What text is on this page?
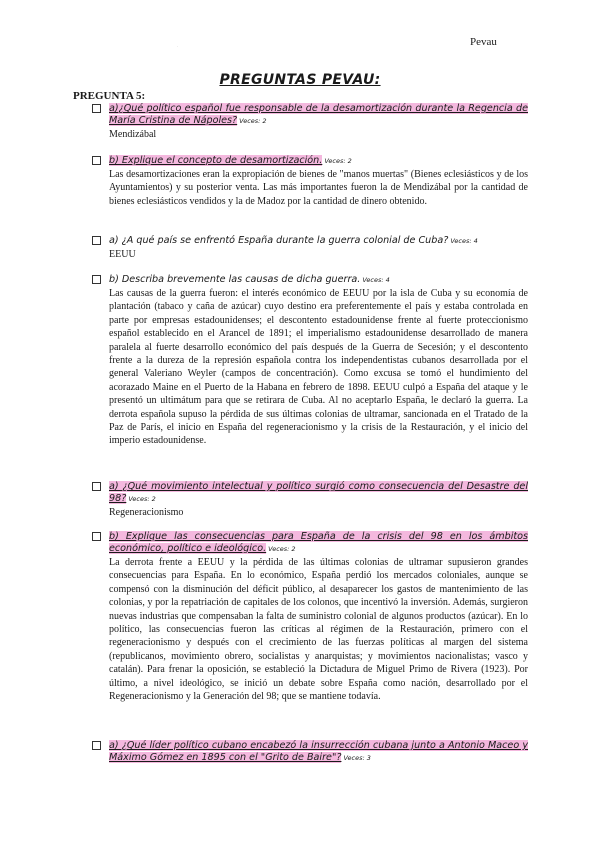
Pevau
·
PREGUNTAS PEVAU:
PREGUNTA 5:
a)¿Qué político español fue responsable de la desamortización durante la Regencia de María Cristina de Nápoles? Veces: 2
Mendizábal
b) Explique el concepto de desamortización. Veces: 2
Las desamortizaciones eran la expropiación de bienes de "manos muertas" (Bienes eclesiásticos y de los Ayuntamientos) y su posterior venta. Las más importantes fueron la de Mendizábal por la cantidad de bienes eclesiásticos vendidos y la de Madoz por la cantidad de dinero obtenido.
a) ¿A qué país se enfrentó España durante la guerra colonial de Cuba? Veces: 4
EEUU
b) Describa brevemente las causas de dicha guerra. Veces: 4
Las causas de la guerra fueron: el interés económico de EEUU por la isla de Cuba y su economía de plantación (tabaco y caña de azúcar) cuyo destino era preferentemente el país y estaba controlada en parte por empresas estadounidenses; el descontento estadounidense frente al fuerte proteccionismo español establecido en el Arancel de 1891; el imperialismo estadounidense desarrollado de manera paralela al fuerte desarrollo económico del país después de la Guerra de Secesión; y el descontento frente a la dureza de la represión española contra los independentistas cubanos desarrollada por el general Valeriano Weyler (campos de concentración). Como excusa se tomó el hundimiento del acorazado Maine en el Puerto de la Habana en febrero de 1898. EEUU culpó a España del ataque y le presentó un ultimátum para que se retirara de Cuba. Al no aceptarlo España, le declaró la guerra. La derrota española supuso la pérdida de sus últimas colonias de ultramar, sancionada en el Tratado de la Paz de París, el inicio en España del regeneracionismo y la crisis de la Restauración, y el inicio del imperio estadounidense.
a) ¿Qué movimiento intelectual y político surgió como consecuencia del Desastre del 98? Veces: 2
Regeneracionismo
b) Explique las consecuencias para España de la crisis del 98 en los ámbitos económico, político e ideológico. Veces: 2
La derrota frente a EEUU y la pérdida de las últimas colonias de ultramar supusieron grandes consecuencias para España. En lo económico, España perdió los mercados coloniales, aunque se compensó con la disminución del déficit público, al desaparecer los gastos de mantenimiento de las colonias, y por la repatriación de capitales de los colonos, que incentivó la inversión. Además, surgieron nuevas industrias que compensaban la falta de suministro colonial de algunos productos (azúcar). En lo político, las consecuencias fueron las críticas al régimen de la Restauración, primero con el regeneracionismo y después con el crecimiento de las fuerzas políticas al margen del sistema (republicanos, movimiento obrero, socialistas y anarquistas; y movimientos nacionalistas; vasco y catalán). Para frenar la oposición, se estableció la Dictadura de Miguel Primo de Rivera (1923). Por último, a nivel ideológico, se inició un debate sobre España como nación, desarrollado por el Regeneracionismo y la Generación del 98; que se mantiene todavía.
a) ¿Qué líder político cubano encabezó la insurrección cubana junto a Antonio Maceo y Máximo Gómez en 1895 con el "Grito de Baire"? Veces: 3
